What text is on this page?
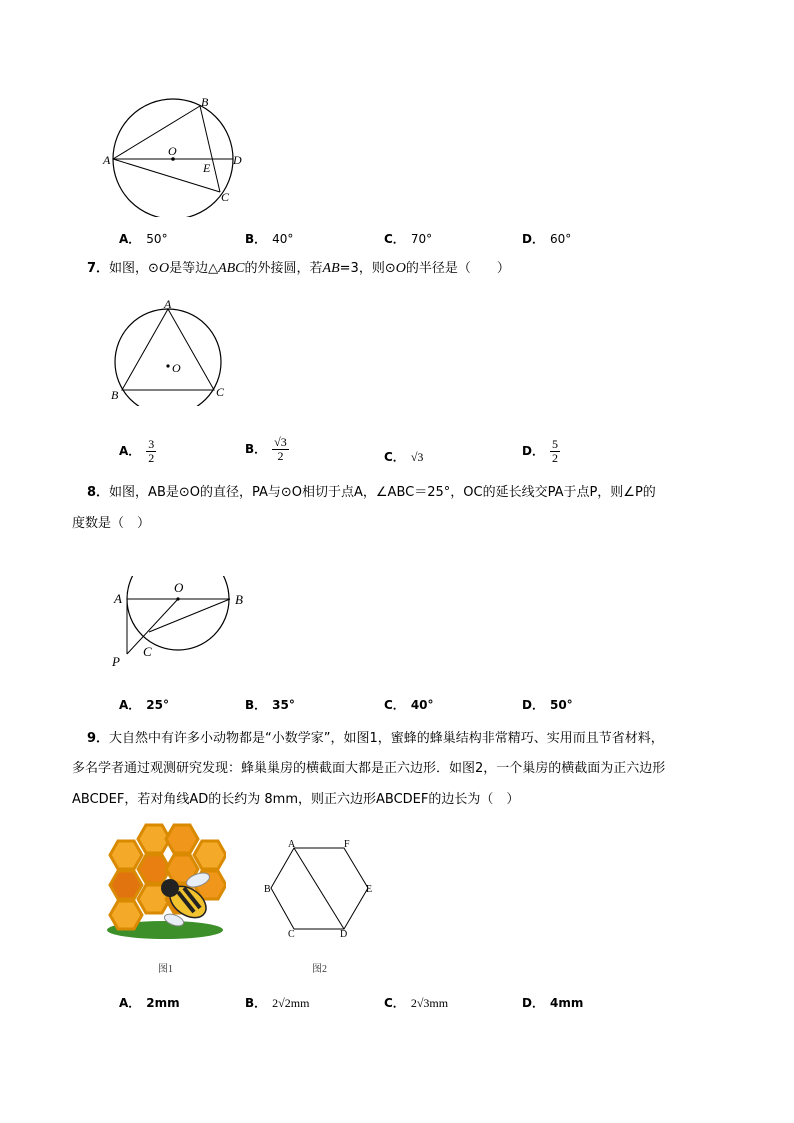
A
B
O
E
D
C
A． 50°	B． 40°	C． 70°	D． 60°
7．如图，⊙O是等边△ABC的外接圆，若AB=3，则⊙O的半径是（　　）
A
O
B	C
A． $\frac{3}{2}$	B． $\frac{√3}{2}$	C． √3	D． $\frac{5}{2}$
8．如图，AB是⊙O的直径，PA与⊙O相切于点A，∠ABC＝25°，OC的延长线交PA于点P，则∠P的
度数是（　）
O
A	B
C
P
A． 25°	B． 35°	C． 40°	D． 50°
9．大自然中有许多小动物都是“小数学家”，如图1，蜜蜂的蜂巢结构非常精巧、实用而且节省材料，
多名学者通过观测研究发现：蜂巢巢房的横截面大都是正六边形．如图2，一个巢房的横截面为正六边形
ABCDEF，若对角线AD的长约为 8mm，则正六边形ABCDEF的边长为（　）
图1
A	F
B	E
C	D
图2
A． 2mm	B． 2√2mm	C． 2√3mm	D． 4mm
